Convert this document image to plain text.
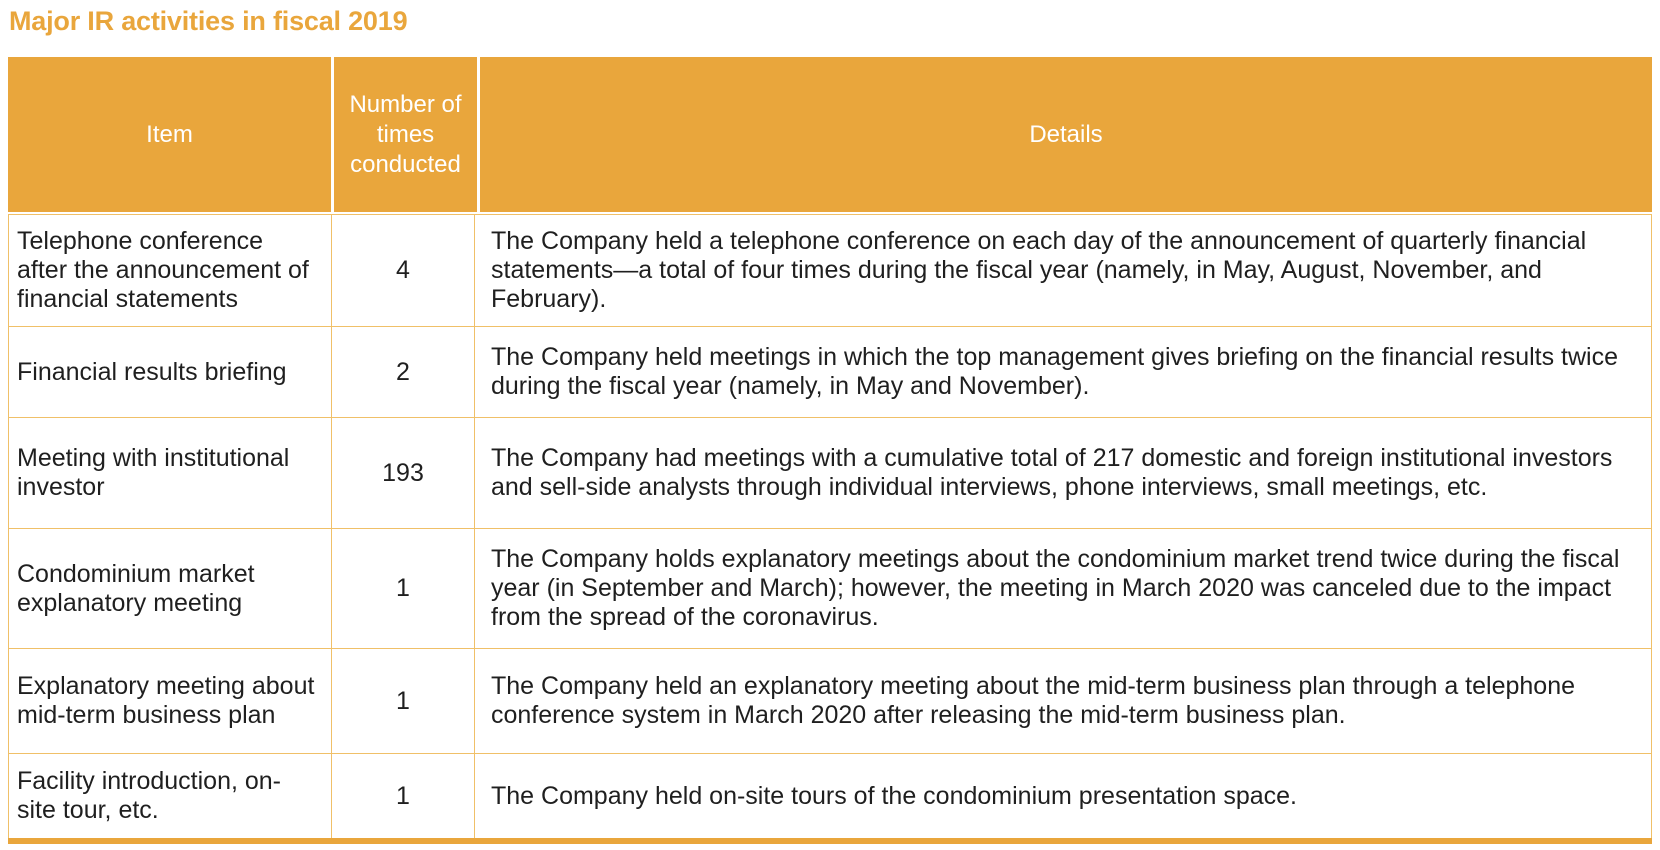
Major IR activities in fiscal 2019
Item
Number of times conducted
Details
Telephone conference after the announcement of financial statements
4
The Company held a telephone conference on each day of the announcement of quarterly financial statements—a total of four times during the fiscal year (namely, in May, August, November, and February).
Financial results briefing	2
The Company held meetings in which the top management gives briefing on the financial results twice during the fiscal year (namely, in May and November).
Meeting with institutional investor
193
The Company had meetings with a cumulative total of 217 domestic and foreign institutional investors and sell-side analysts through individual interviews, phone interviews, small meetings, etc.
Condominium market explanatory meeting
1
The Company holds explanatory meetings about the condominium market trend twice during the fiscal year (in September and March); however, the meeting in March 2020 was canceled due to the impact from the spread of the coronavirus.
Explanatory meeting about mid-term business plan
1
The Company held an explanatory meeting about the mid-term business plan through a telephone conference system in March 2020 after releasing the mid-term business plan.
Facility introduction, on-site tour, etc.
1	The Company held on-site tours of the condominium presentation space.
